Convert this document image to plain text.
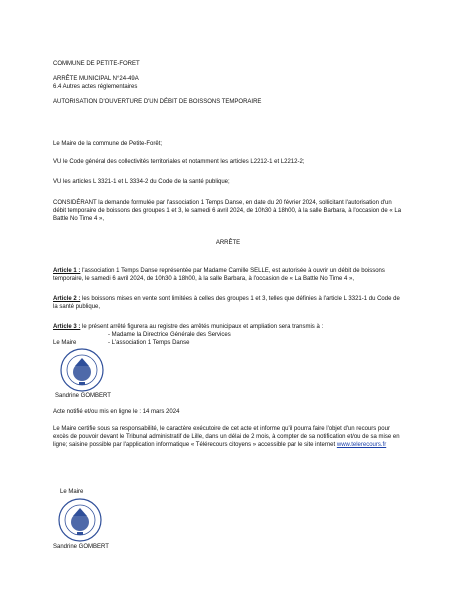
COMMUNE DE PETITE-FORET
ARRÊTE MUNICIPAL N°24-49A
6.4 Autres actes réglementaires
AUTORISATION D'OUVERTURE D'UN DÉBIT DE BOISSONS TEMPORAIRE
Le Maire de la commune de Petite-Forêt;
VU le Code général des collectivités territoriales et notamment les articles L2212-1 et L2212-2;
VU les articles L 3321-1 et L 3334-2 du Code de la santé publique;
CONSIDÉRANT la demande formulée par l'association 1 Temps Danse, en date du 20 février 2024, sollicitant l'autorisation d'un débit temporaire de boissons des groupes 1 et 3, le samedi 6 avril 2024, de 10h30 à 18h00, à la salle Barbara, à l'occasion de « La Battle No Time 4 »,
ARRÊTE
Article 1 : l'association 1 Temps Danse représentée par Madame Camille SELLE, est autorisée à ouvrir un débit de boissons temporaire, le samedi 6 avril 2024, de 10h30 à 18h00, à la salle Barbara, à l'occasion de « La Battle No Time 4 »,
Article 2 : les boissons mises en vente sont limitées à celles des groupes 1 et 3, telles que définies à l'article L 3321-1 du Code de la santé publique,
Article 3 : le présent arrêté figurera au registre des arrêtés municipaux et ampliation sera transmis à :
- Madame la Directrice Générale des Services
- L'association 1 Temps Danse
Le Maire
Sandrine GOMBERT
Acte notifié et/ou mis en ligne le : 14 mars 2024
Le Maire certifie sous sa responsabilité, le caractère exécutoire de cet acte et informe qu'il pourra faire l'objet d'un recours pour excès de pouvoir devant le Tribunal administratif de Lille, dans un délai de 2 mois, à compter de sa notification et/ou de sa mise en ligne; saisine possible par l'application informatique « Télérecours citoyens » accessible par le site internet www.telerecours.fr
Le Maire
Sandrine GOMBERT
